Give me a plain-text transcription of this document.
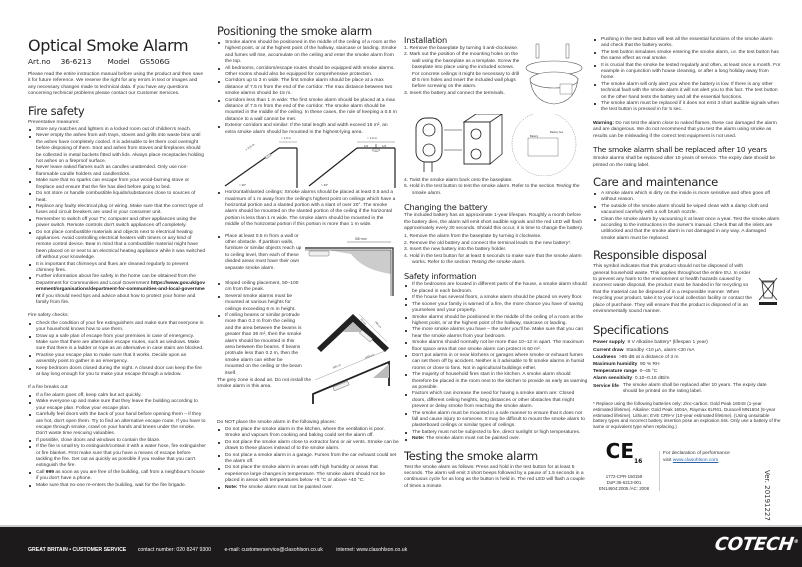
Optical Smoke Alarm
Art.no 36-6213 Model GS506G

Please read the entire instruction manual before using the product and then save it for future reference. We reserve the right for any errors in text or images and any necessary changes made to technical data. If you have any questions concerning technical problems please contact our Customer Services.

Fire safety

Preventative measures:

Store any matches and lighters in a locked room out of children's reach.
Never empty the ashes from ash trays, stoves and grills into waste bins until the ashes have completely cooled. It is advisable to let them cool overnight before disposing of them. Soot and ashes from stoves and fireplaces should be collected in metal buckets fitted with lids. Always place receptacles holding hot ashes on a fireproof surface.
Never leave naked flames such as candles unattended. Only use non-flammable candle holders and candlesticks.
Make sure that no sparks can escape from your wood-burning stove or fireplace and ensure that the fire has died before going to bed.
Do not store or handle combustible liquids/substances close to sources of heat.
Replace any faulty electrical plug or wiring. Make sure that the correct type of fuses and circuit breakers are used in your consumer unit.
Remember to switch off your TV, computer and other appliances using the power switch. Remote controls don't switch appliances off completely.
Do not place combustible materials and objects next to electrical heating appliances. Avoid controlling electrical heaters with timers or any kind of remote control device. Bear in mind that a combustible material might have been placed on or next to an electrical heating appliance while it was switched off without your knowledge.
It is important that chimneys and flues are cleaned regularly to prevent chimney fires.
Further information about fire safety in the home can be obtained from the Department for Communities and Local Government https://www.gov.uk/government/organisations/department-for-communities-and-local-government if you should need tips and advice about how to protect your home and family from fire.

Fire safety checks:

Check the condition of your fire extinguishers and make sure that everyone in your household knows how to use them.
Draw up a safe plan of escape from your premises in case of emergency. Make sure that there are alternative escape routes, such as windows. Make sure that there is a ladder or rope as an alternative in case stairs are blocked.
Practise your escape plan to make sure that it works. Decide upon an assembly point to gather in an emergency.
Keep bedroom doors closed during the night. A closed door can keep the fire at bay long enough for you to make your escape through a window.

If a fire breaks out:

If a fire alarm goes off, keep calm but act quickly.
Wake everyone up and make sure that they leave the building according to your escape plan. Follow your escape plan.
Carefully feel doors with the back of your hand before opening them – if they are hot, don't open them. Try to find an alternative escape route. If you have to escape through smoke, crawl on your hands and knees under the smoke. Don't waste time rescuing valuables.
If possible, close doors and windows to contain the blaze.
If the fire is small try to extinguish/contain it with a water hose, fire extinguisher or fire blanket. First make sure that you have a means of escape before tackling the fire. Get out as quickly as possible if you realise that you can't extinguish the fire.
Call 999 as soon as you are free of the building, call from a neighbour's house if you don't have a phone.
Make sure that no-one re-enters the building, wait for the fire brigade.
Positioning the smoke alarm
Smoke alarms should be positioned in the middle of the ceiling of a room at the highest point, or at the highest point of the hallway, staircase or landing. Smoke and fumes will rise, accumulate on the ceiling and enter the smoke alarm from the top.
All bedrooms, corridors/escape routes should be equipped with smoke alarms. Other rooms should also be equipped for comprehensive protection.
Corridors up to 3 m wide: The first smoke alarm should be place at a max distance of 7.5 m from the end of the corridor. The max distance between two smoke alarms should be 15 m.
Corridors less than 1 m wide: The first smoke alarm should be placed at a max distance of 7.5 m from the end of the corridor. The smoke alarm should be mounted in the middle of the ceiling. In these cases, the rule of keeping a 0.5 m distance to a wall cannot be met.
Exterior corridors and similar: If the total length and width exceed 16 m², an extra smoke alarm should be mounted in the highest-lying area.
< 1,0 m
> 0,5 m
> 20°
> 1,0 m
1/2	1/2
> 20°
Horizontal/slanted ceilings: Smoke alarms should be placed at least 0.5 and a maximum of 1 m away from the ceiling's highest point on ceilings which have a horizontal portion and a slanted portion with a slant of over 20°. The smoke alarm should be mounted on the slanted portion of the ceiling if the horizontal portion is less than 1 m wide. The smoke alarm should be mounted in the middle of the horizontal portion if this portion is more than 1 m wide.
Place at least 0.5 m from a wall or other obstacle. If partition walls, furniture or similar objects reach up to ceiling level, then each of these divided areas must have their own separate smoke alarm.
Sloped ceiling placement, 50–100 cm from the peak.
Several smoke alarms must be mounted at various heights for ceilings exceeding 6 m in height.
If ceiling beams or similar protrude more than 0.2 m from the ceiling and the area between the beams is greater than 36 m², then the smoke alarm should be mounted in this area between the beams. If beams protrude less than 0.2 m, then the smoke alarm can either be mounted on the ceiling or the beam itself.

The grey zone is dead air. Do not install the smoke alarm in this area.

500 mm
50 cm	100 cm
540 cm
1000 cm

Do NOT place the smoke alarm in the following places:

Do not place the smoke alarm in the kitchen, where the ventilation is poor. Smoke and vapours from cooking and baking could set the alarm off.
Do not place the smoke alarm close to extractor fans or air vents. Smoke can be drawn to these places instead of to the smoke alarm.
Do not place a smoke alarm in a garage. Fumes from the car exhaust could set the alarm off.
Do not place the smoke alarm in areas with high humidity or areas that experience large changes in temperature. The smoke alarm should not be placed in areas with temperatures below +5 °C or above +40 °C.
Note: The smoke alarm must not be painted over.
Installation
1. Remove the baseplate by turning it anti-clockwise.
2. Mark out the position of the mounting holes on the wall using the baseplate as a template. Screw the baseplate into place using the included screws. For concrete ceilings it might be necessary to drill Ø 5 mm holes and insert the included wall plugs before screwing on the alarm.
3. Insert the battery and connect the terminals.
Battery
Battery box
4. Twist the smoke alarm back onto the baseplate.
5. Hold in the test button to test the smoke alarm. Refer to the section Testing the smoke alarm.
Changing the battery

The included battery has an approximate 1-year lifespan. Roughly a month before the battery dies, the alarm will emit short audible signals and the red LED will flash approximately every 30 seconds. Should this occur, it is time to change the battery.

1. Remove the alarm from the baseplate by turning it clockwise.
2. Remove the old battery and connect the terminal leads to the new battery*.
3. Insert the new battery into the battery holder.
4. Hold in the test button for at least 5 seconds to make sure that the smoke alarm works. Refer to the section Testing the smoke alarm.
Safety information
If the bedrooms are located in different parts of the house, a smoke alarm should be placed in each bedroom.
If the house has several floors, a smoke alarm should be placed on every floor.
The sooner your family is warned of a fire, the more chance you have of saving yourselves and your property.
Smoke alarms should be positioned in the middle of the ceiling of a room at the highest point, or at the highest point of the hallway, staircase or landing.
The more smoke alarms you have – the safer you'll be. Make sure that you can hear the smoke alarms from your bedroom.
Smoke alarms should normally not be more than 10–12 m apart. The maximum floor space area that one smoke alarm can protect is 60 m².
Don't put alarms in or near kitchens or garages where smoke or exhaust fumes can set them off by accident. Neither is it advisable to fit smoke alarms in humid rooms or close to fans. Not in agricultural buildings either.
The majority of household fires start in the kitchen. A smoke alarm should therefore be placed in the room next to the kitchen to provide as early as warning as possible.
Factors which can increase the need for having a smoke alarm are: Closed doors, different ceiling heights, long distances or other obstacles that might prevent or delay smoke from reaching the smoke alarm.
The smoke alarm must be mounted in a safe manner to ensure that it does not fall and cause injury to someone. It may be difficult to mount the smoke alarm to plasterboard ceilings or similar types of ceilings.
The battery must not be subjected to fire, direct sunlight or high temperatures.
Note: The smoke alarm must not be painted over.
Testing the smoke alarm

Test the smoke alarm as follows: Press and hold in the test button for at least 5 seconds. The alarm will emit 3 short beeps followed by a pause of 1.5 seconds in a continuous cycle for as long as the button is held in. The red LED will flash a couple of times a minute.

Pushing in the test button will test all the essential functions of the smoke alarm and check that the battery works.
The test button simulates smoke entering the smoke alarm, i.e. the test button has the same effect as real smoke.
It is crucial that the smoke be tested regularly and often, at least once a month. For example in conjunction with house cleaning, or after a long holiday away from home.
The smoke alarm will only alert you when the battery is low. If there is any other technical fault with the smoke alarm it will not alert you to this fact. The test button on the other hand tests the battery and all the essential functions.
The smoke alarm must be replaced if it does not emit 3 short audible signals when the test button is pressed in for 5 sec.

Warning: Do not test the alarm close to naked flames, these can damaged the alarm and are dangerous. We do not recommend that you test the alarm using smoke as results can be misleading if the correct test equipment is not used.

The smoke alarm shall be replaced after 10 years

Smoke alarms shall be replaced after 10 years of service. The expiry date should be printed on the rating label.

Care and maintenance
A smoke alarm which is dirty on the inside is more sensitive and often goes off without reason.
The outside of the smoke alarm should be wiped clean with a damp cloth and vacuumed carefully with a soft brush nozzle.
Clean the smoke alarm by vacuuming it at least once a year. Test the smoke alarm according to the instructions in the owner's manual. Check that all the inlets are unblocked and that the smoke alarm is not damaged in any way. A damaged smoke alarm must be replaced.
Responsible disposal

This symbol indicates that this product should not be disposed of with general household waste. This applies throughout the entire EU. In order to prevent any harm to the environment or health hazards caused by incorrect waste disposal, the product must be handed in for recycling so that the material can be disposed of in a responsible manner. When recycling your product, take it to your local collection facility or contact the place of purchase. They will ensure that the product is disposed of in an environmentally sound manner.

Specifications
Power supply 9 V Alkaline battery* (lifespan 1 year)
Current draw Standby <10 µA, alarm <30 mA
Loudness >85 dB at a distance of 3 m
Maximum humidity 90 % RH
Temperature range 0–45 °C
Alarm sensitivity 0.10–0.16 dB/m
Service life The smoke alarm shall be replaced after 10 years. The expiry date should be printed on the rating label.

* Replace using the following batteries only: Zinc-carbon: Gold Peak 1604S (1-year estimated lifetime). Alkaline: Gold Peak 1604A, Raymax 6LR61, Duracell MN1604 (5-year estimated lifetime). Lithium: EVE CR9-V (10-year estimated lifetime). (Using unsuitable battery types and incorrect battery insertion pose an explosion risk. Only use a battery of the same or equivalent type when replacing.)

$CE_{16}$
1772-CPR-160159
DoP:36-6213-001
EN14604:2005 /AC: 2008
For declaration of performance
visit www.clasohlson.com
Ver. 20191227
GREAT BRITAIN • CUSTOMER SERVICE contact number: 020 8247 9300	e-mail: customerservice@clasohlson.co.uk	internet: www.clasohlson.co.uk	COTECH®
